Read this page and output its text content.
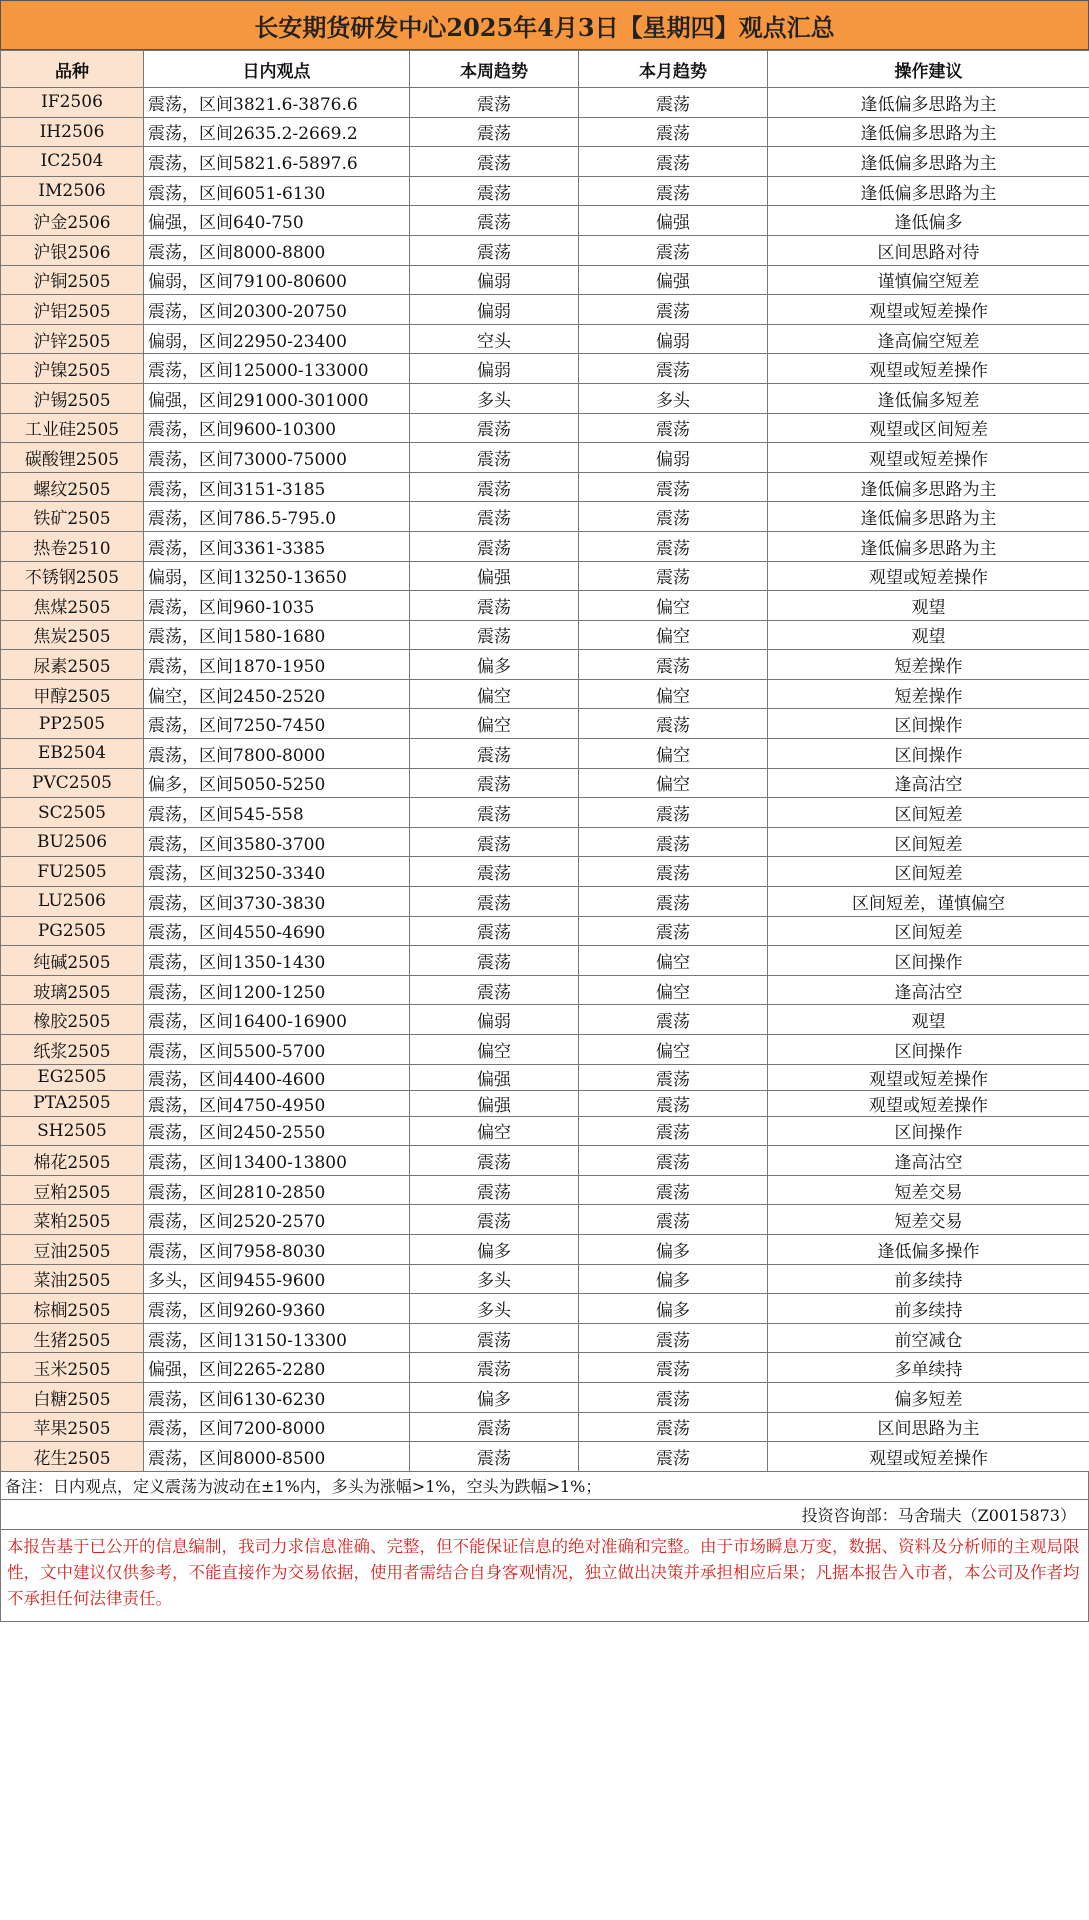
长安期货研发中心2025年4月3日【星期四】观点汇总
品种	日内观点	本周趋势	本月趋势	操作建议
IF2506	震荡，区间3821.6-3876.6	震荡	震荡	逢低偏多思路为主
IH2506	震荡，区间2635.2-2669.2	震荡	震荡	逢低偏多思路为主
IC2504	震荡，区间5821.6-5897.6	震荡	震荡	逢低偏多思路为主
IM2506	震荡，区间6051-6130	震荡	震荡	逢低偏多思路为主
沪金2506	偏强，区间640-750	震荡	偏强	逢低偏多
沪银2506	震荡，区间8000-8800	震荡	震荡	区间思路对待
沪铜2505	偏弱，区间79100-80600	偏弱	偏强	谨慎偏空短差
沪铝2505	震荡，区间20300-20750	偏弱	震荡	观望或短差操作
沪锌2505	偏弱，区间22950-23400	空头	偏弱	逢高偏空短差
沪镍2505	震荡，区间125000-133000	偏弱	震荡	观望或短差操作
沪锡2505	偏强，区间291000-301000	多头	多头	逢低偏多短差
工业硅2505	震荡，区间9600-10300	震荡	震荡	观望或区间短差
碳酸锂2505	震荡，区间73000-75000	震荡	偏弱	观望或短差操作
螺纹2505	震荡，区间3151-3185	震荡	震荡	逢低偏多思路为主
铁矿2505	震荡，区间786.5-795.0	震荡	震荡	逢低偏多思路为主
热卷2510	震荡，区间3361-3385	震荡	震荡	逢低偏多思路为主
不锈钢2505	偏弱，区间13250-13650	偏强	震荡	观望或短差操作
焦煤2505	震荡，区间960-1035	震荡	偏空	观望
焦炭2505	震荡，区间1580-1680	震荡	偏空	观望
尿素2505	震荡，区间1870-1950	偏多	震荡	短差操作
甲醇2505	偏空，区间2450-2520	偏空	偏空	短差操作
PP2505	震荡，区间7250-7450	偏空	震荡	区间操作
EB2504	震荡，区间7800-8000	震荡	偏空	区间操作
PVC2505	偏多，区间5050-5250	震荡	偏空	逢高沽空
SC2505	震荡，区间545-558	震荡	震荡	区间短差
BU2506	震荡，区间3580-3700	震荡	震荡	区间短差
FU2505	震荡，区间3250-3340	震荡	震荡	区间短差
LU2506	震荡，区间3730-3830	震荡	震荡	区间短差，谨慎偏空
PG2505	震荡，区间4550-4690	震荡	震荡	区间短差
纯碱2505	震荡，区间1350-1430	震荡	偏空	区间操作
玻璃2505	震荡，区间1200-1250	震荡	偏空	逢高沽空
橡胶2505	震荡，区间16400-16900	偏弱	震荡	观望
纸浆2505	震荡，区间5500-5700	偏空	偏空	区间操作
EG2505	震荡，区间4400-4600	偏强	震荡	观望或短差操作
PTA2505	震荡，区间4750-4950	偏强	震荡	观望或短差操作
SH2505	震荡，区间2450-2550	偏空	震荡	区间操作
棉花2505	震荡，区间13400-13800	震荡	震荡	逢高沽空
豆粕2505	震荡，区间2810-2850	震荡	震荡	短差交易
菜粕2505	震荡，区间2520-2570	震荡	震荡	短差交易
豆油2505	震荡，区间7958-8030	偏多	偏多	逢低偏多操作
菜油2505	多头，区间9455-9600	多头	偏多	前多续持
棕榈2505	震荡，区间9260-9360	多头	偏多	前多续持
生猪2505	震荡，区间13150-13300	震荡	震荡	前空减仓
玉米2505	偏强，区间2265-2280	震荡	震荡	多单续持
白糖2505	震荡，区间6130-6230	偏多	震荡	偏多短差
苹果2505	震荡，区间7200-8000	震荡	震荡	区间思路为主
花生2505	震荡，区间8000-8500	震荡	震荡	观望或短差操作
备注：日内观点，定义震荡为波动在±1%内，多头为涨幅>1%，空头为跌幅>1%；
投资咨询部：马舍瑞夫（Z0015873）
本报告基于已公开的信息编制，我司力求信息准确、完整，但不能保证信息的绝对准确和完整。由于市场瞬息万变，数据、资料及分析师的主观局限性，文中建议仅供参考，不能直接作为交易依据，使用者需结合自身客观情况，独立做出决策并承担相应后果；凡据本报告入市者，本公司及作者均不承担任何法律责任。
